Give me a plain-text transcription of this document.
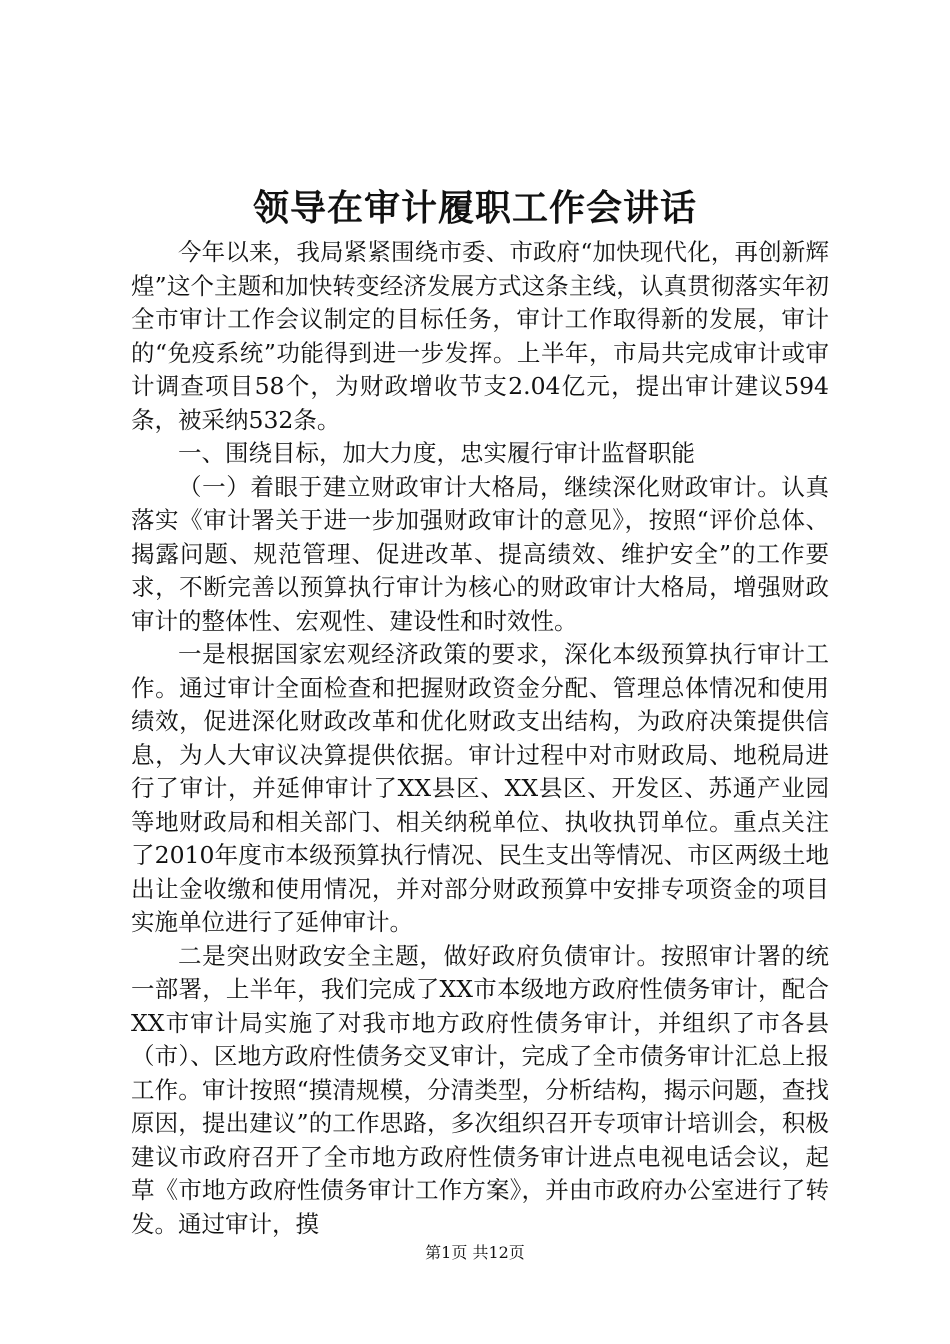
领导在审计履职工作会讲话

今年以来，我局紧紧围绕市委、市政府“加快现代化，再创新辉煌”这个主题和加快转变经济发展方式这条主线，认真贯彻落实年初全市审计工作会议制定的目标任务，审计工作取得新的发展，审计的“免疫系统”功能得到进一步发挥。上半年，市局共完成审计或审计调查项目58个，为财政增收节支2.04亿元，提出审计建议594条，被采纳532条。

一、围绕目标，加大力度，忠实履行审计监督职能

（一）着眼于建立财政审计大格局，继续深化财政审计。认真落实《审计署关于进一步加强财政审计的意见》，按照“评价总体、揭露问题、规范管理、促进改革、提高绩效、维护安全”的工作要求，不断完善以预算执行审计为核心的财政审计大格局，增强财政审计的整体性、宏观性、建设性和时效性。

一是根据国家宏观经济政策的要求，深化本级预算执行审计工作。通过审计全面检查和把握财政资金分配、管理总体情况和使用绩效，促进深化财政改革和优化财政支出结构，为政府决策提供信息，为人大审议决算提供依据。审计过程中对市财政局、地税局进行了审计，并延伸审计了XX县区、XX县区、开发区、苏通产业园等地财政局和相关部门、相关纳税单位、执收执罚单位。重点关注了2010年度市本级预算执行情况、民生支出等情况、市区两级土地出让金收缴和使用情况，并对部分财政预算中安排专项资金的项目实施单位进行了延伸审计。

二是突出财政安全主题，做好政府负债审计。按照审计署的统一部署，上半年，我们完成了XX市本级地方政府性债务审计，配合XX市审计局实施了对我市地方政府性债务审计，并组织了市各县（市）、区地方政府性债务交叉审计，完成了全市债务审计汇总上报工作。审计按照“摸清规模，分清类型，分析结构，揭示问题，查找原因，提出建议”的工作思路，多次组织召开专项审计培训会，积极建议市政府召开了全市地方政府性债务审计进点电视电话会议，起草《市地方政府性债务审计工作方案》，并由市政府办公室进行了转发。通过审计，摸

第1页 共12页
